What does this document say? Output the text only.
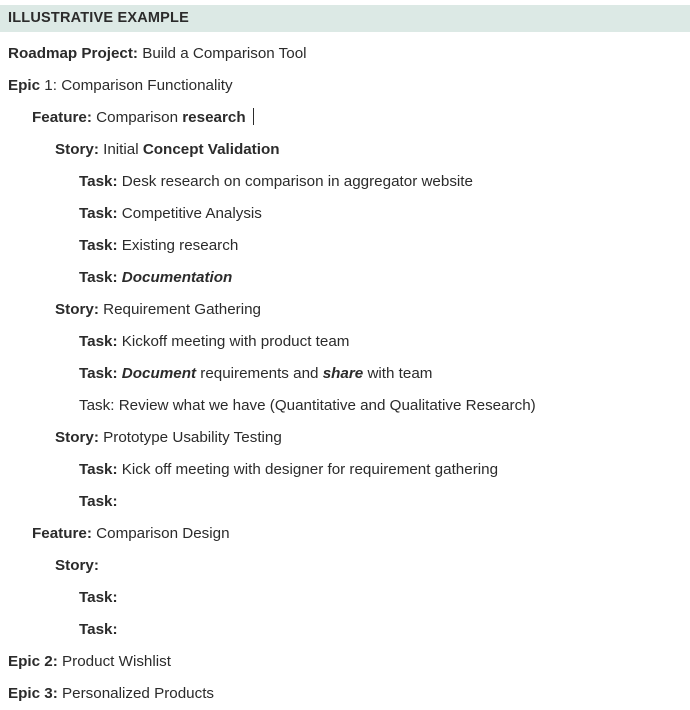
ILLUSTRATIVE EXAMPLE
Roadmap Project: Build a Comparison Tool
Epic 1: Comparison Functionality
Feature: Comparison research
Story: Initial Concept Validation
Task: Desk research on comparison in aggregator website
Task: Competitive Analysis
Task: Existing research
Task: Documentation
Story: Requirement Gathering
Task: Kickoff meeting with product team
Task: Document requirements and share with team
Task: Review what we have (Quantitative and Qualitative Research)
Story: Prototype Usability Testing
Task: Kick off meeting with designer for requirement gathering
Task:
Feature: Comparison Design
Story:
Task:
Task:
Epic 2: Product Wishlist
Epic 3: Personalized Products
